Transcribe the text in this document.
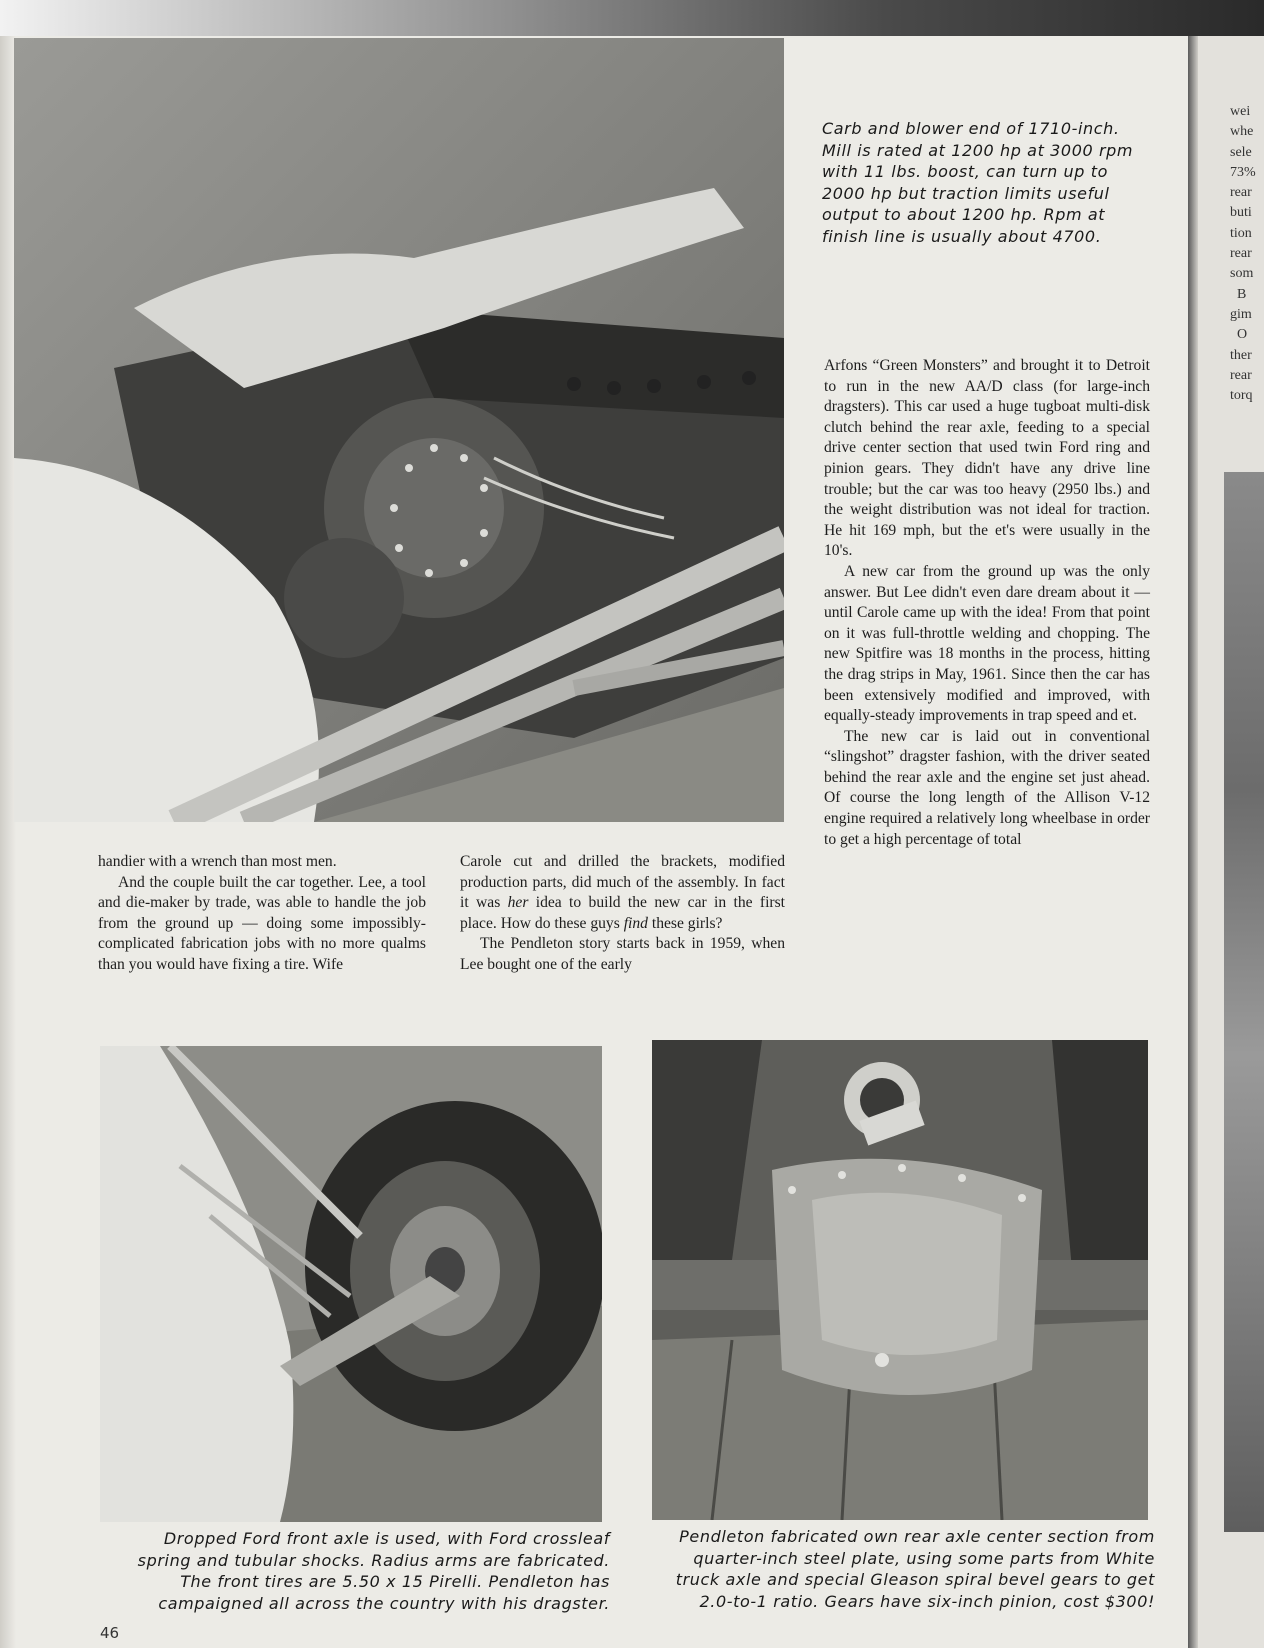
Carb and blower end of 1710-inch. Mill is rated at 1200 hp at 3000 rpm with 11 lbs. boost, can turn up to 2000 hp but traction limits useful output to about 1200 hp. Rpm at finish line is usually about 4700.

Arfons “Green Monsters” and brought it to Detroit to run in the new AA/D class (for large-inch dragsters). This car used a huge tugboat multi-disk clutch behind the rear axle, feeding to a special drive center section that used twin Ford ring and pinion gears. They didn't have any drive line trouble; but the car was too heavy (2950 lbs.) and the weight distribution was not ideal for traction. He hit 169 mph, but the et's were usually in the 10's.

A new car from the ground up was the only answer. But Lee didn't even dare dream about it — until Carole came up with the idea! From that point on it was full-throttle welding and chopping. The new Spitfire was 18 months in the process, hitting the drag strips in May, 1961. Since then the car has been extensively modified and improved, with equally-steady improvements in trap speed and et.

The new car is laid out in conventional “slingshot” dragster fashion, with the driver seated behind the rear axle and the engine set just ahead. Of course the long length of the Allison V-12 engine required a relatively long wheelbase in order to get a high percentage of total

handier with a wrench than most men.

And the couple built the car together. Lee, a tool and die-maker by trade, was able to handle the job from the ground up — doing some impossibly-complicated fabrication jobs with no more qualms than you would have fixing a tire. Wife

Carole cut and drilled the brackets, modified production parts, did much of the assembly. In fact it was her idea to build the new car in the first place. How do these guys find these girls?

The Pendleton story starts back in 1959, when Lee bought one of the early

Dropped Ford front axle is used, with Ford crossleaf spring and tubular shocks. Radius arms are fabricated. The front tires are 5.50 x 15 Pirelli. Pendleton has campaigned all across the country with his dragster.
Pendleton fabricated own rear axle center section from quarter-inch steel plate, using some parts from White truck axle and special Gleason spiral bevel gears to get 2.0-to-1 ratio. Gears have six-inch pinion, cost $300!
46
wei
whe
sele
73%
rear
buti
tion
rear
som
B
gim
O
ther
rear
torq
